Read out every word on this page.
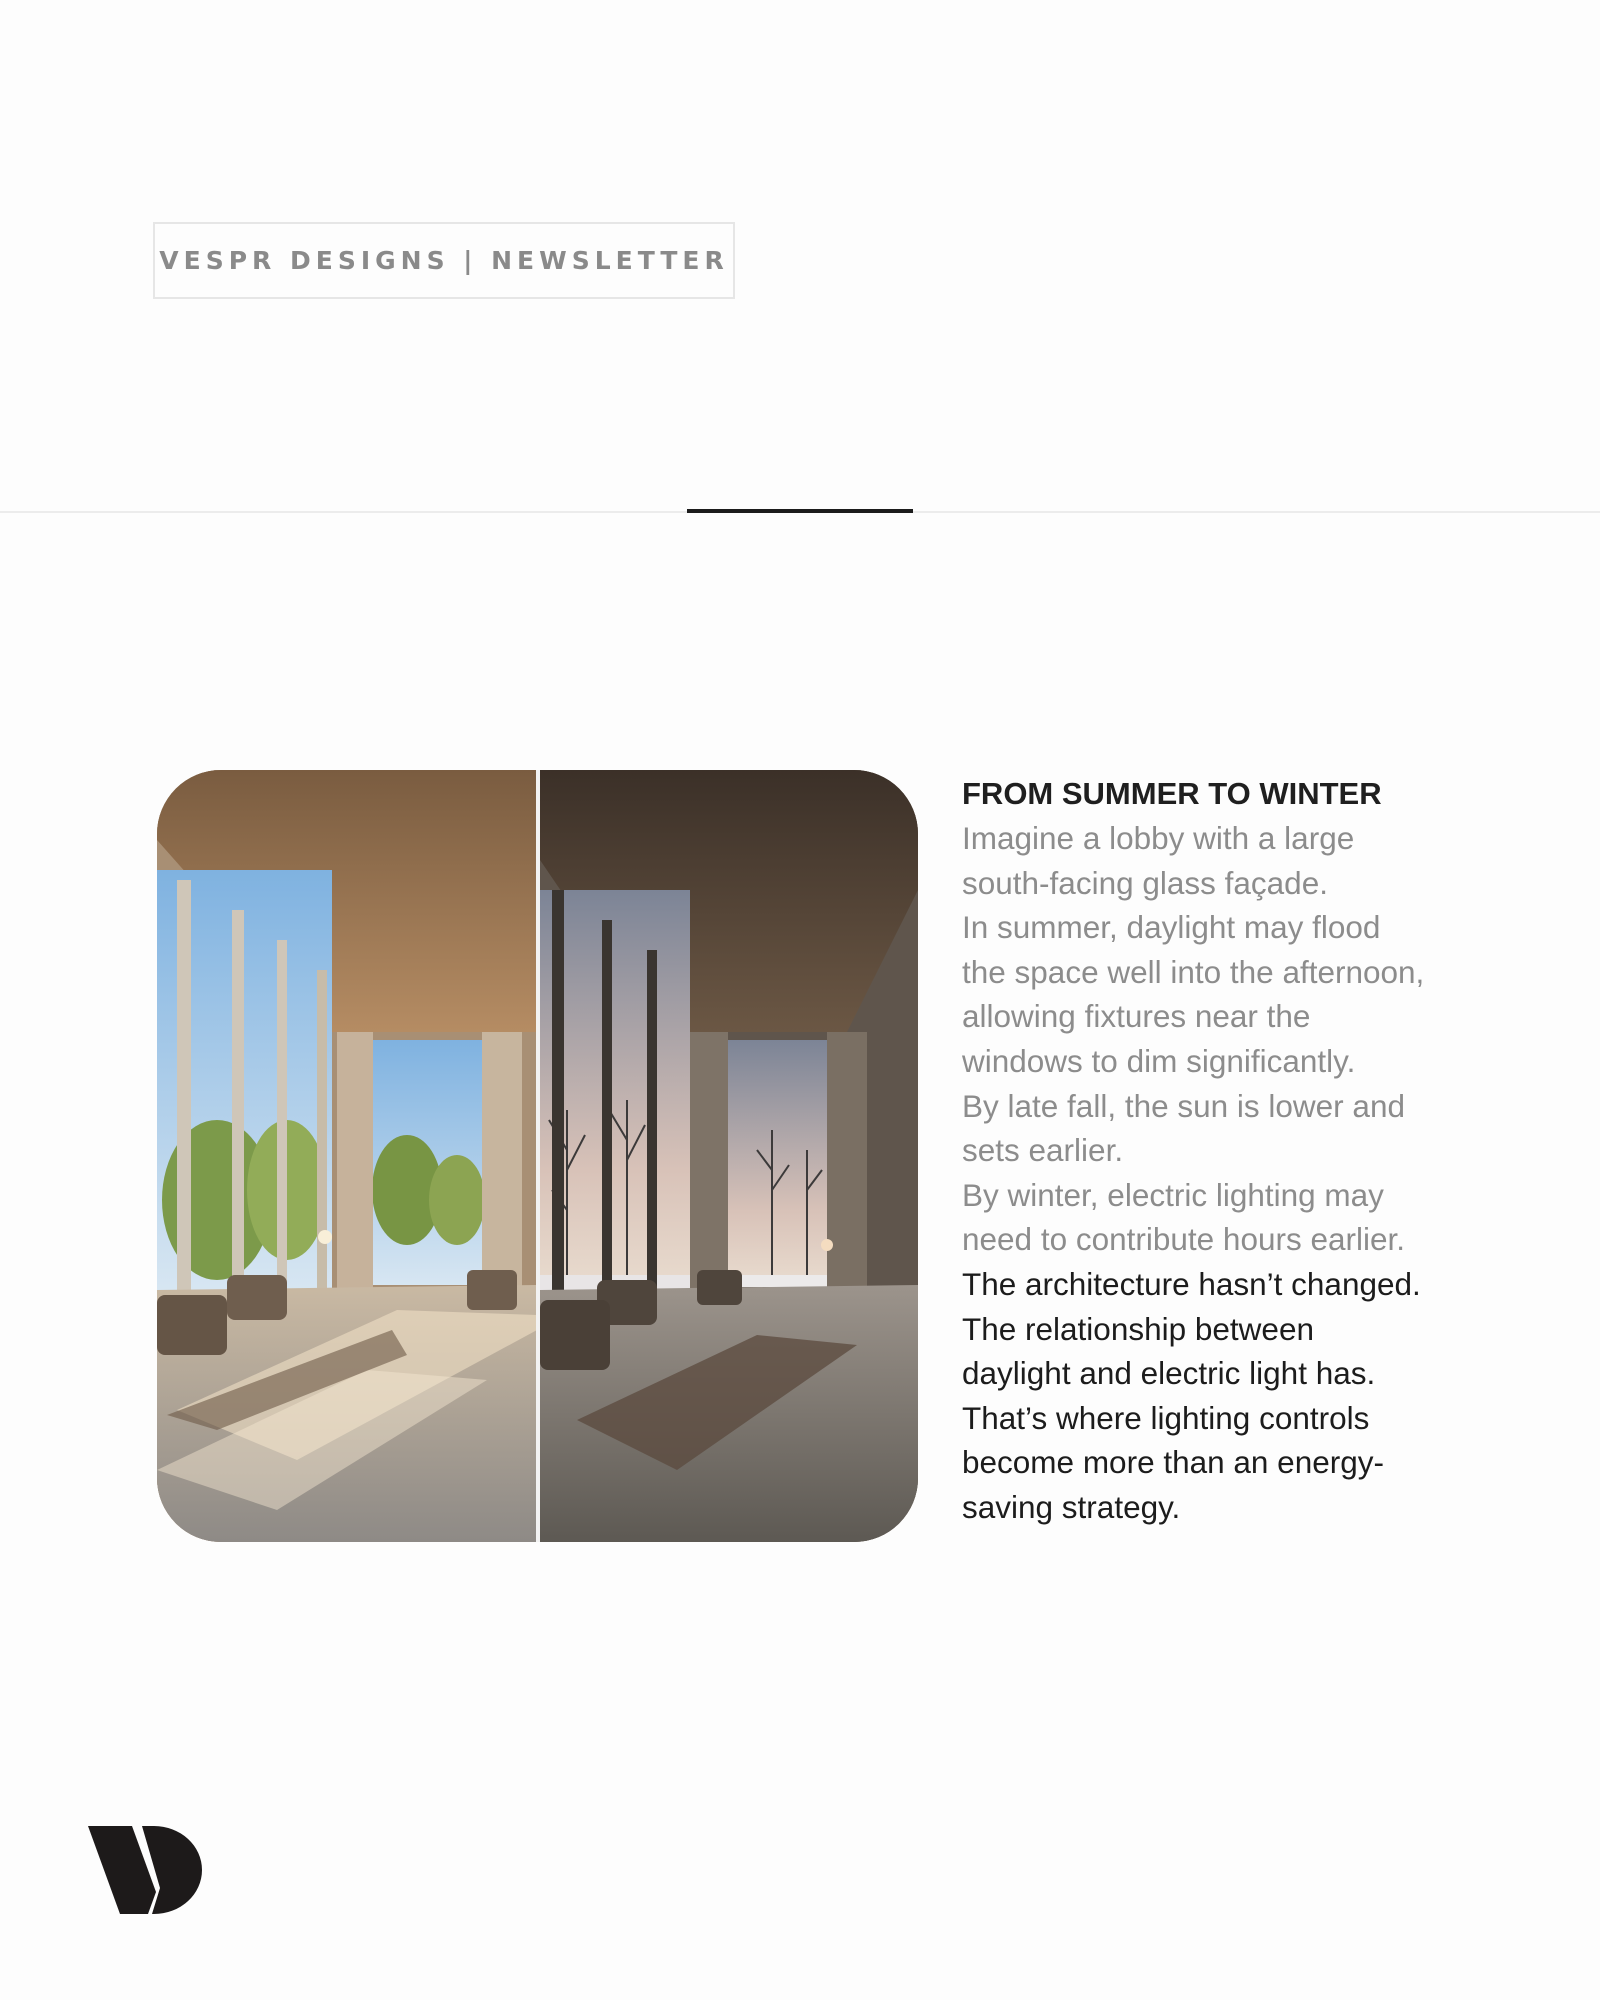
VESPR DESIGNS | NEWSLETTER
FROM SUMMER TO WINTER
Imagine a lobby with a large
south-facing glass façade.
In summer, daylight may flood
the space well into the afternoon,
allowing fixtures near the
windows to dim significantly.
By late fall, the sun is lower and
sets earlier.
By winter, electric lighting may
need to contribute hours earlier.
The architecture hasn’t changed.
The relationship between
daylight and electric light has.
That’s where lighting controls
become more than an energy-
saving strategy.
